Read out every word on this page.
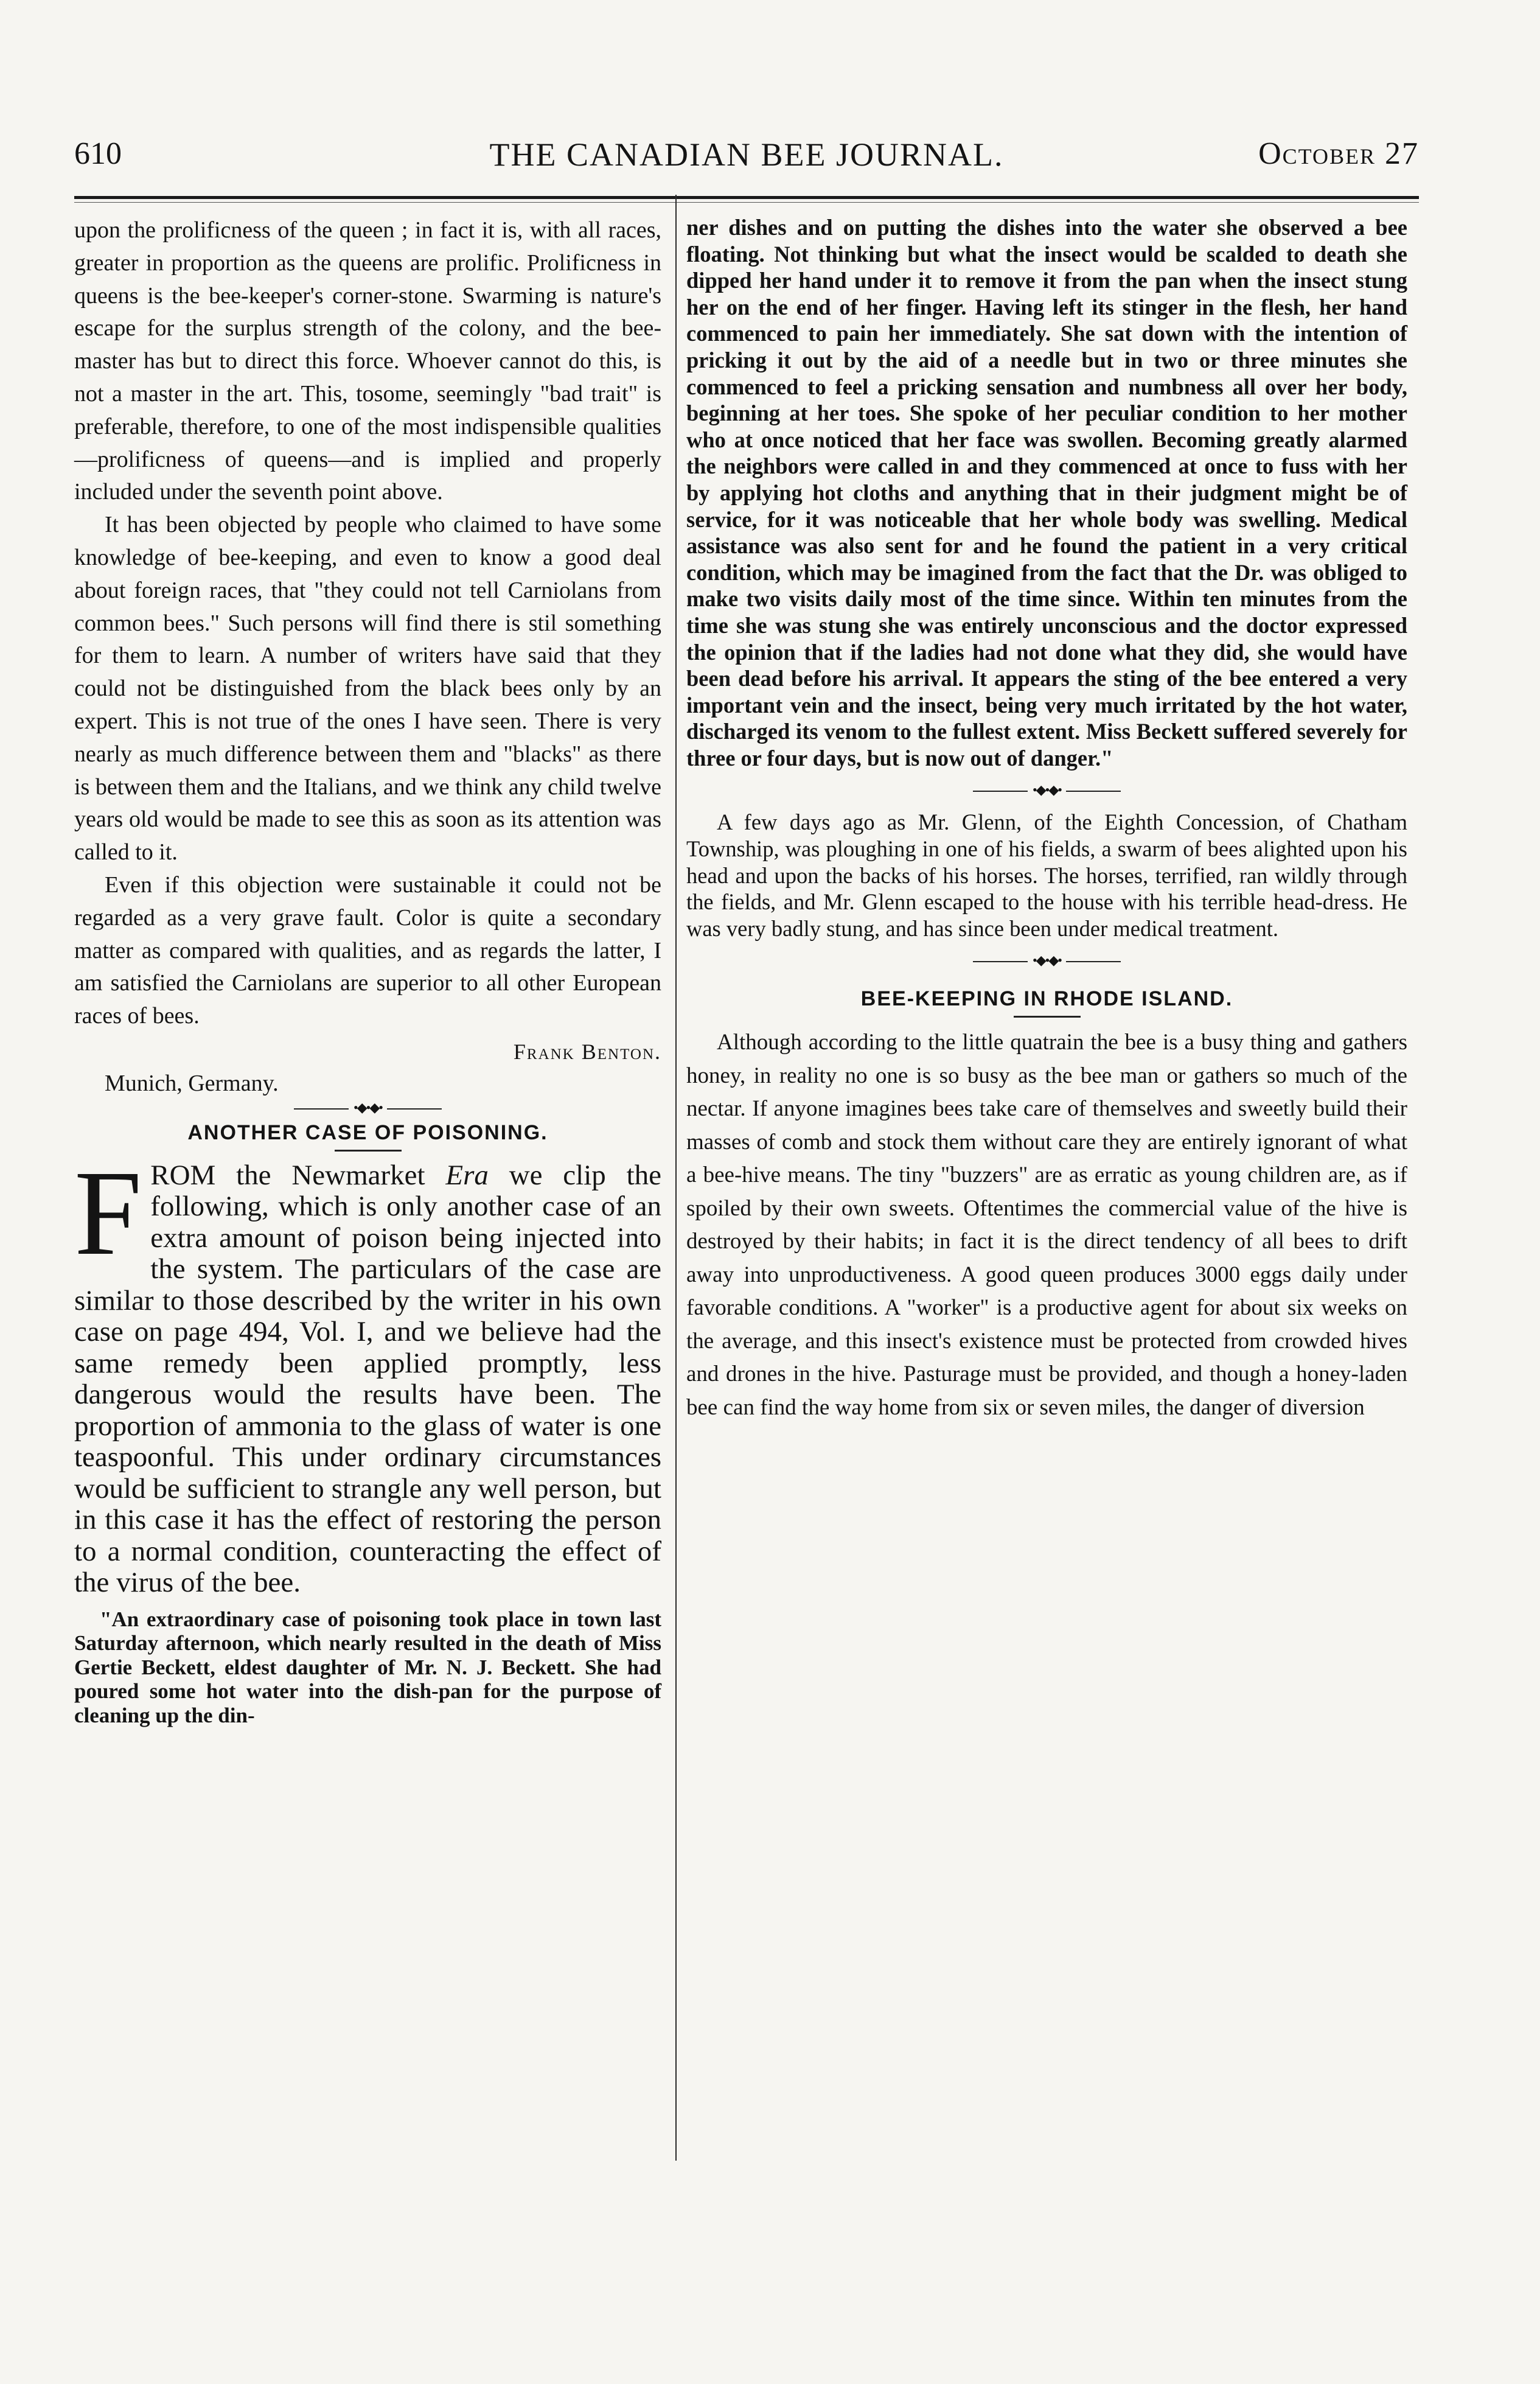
610	THE CANADIAN BEE JOURNAL.	October 27

upon the prolificness of the queen ; in fact it is, with all races, greater in proportion as the queens are prolific. Prolificness in queens is the bee-keeper's corner-stone. Swarming is nature's escape for the surplus strength of the colony, and the bee-master has but to direct this force. Whoever cannot do this, is not a master in the art. This, tosome, seemingly "bad trait" is preferable, therefore, to one of the most indispensible qualities—prolificness of queens—and is implied and properly included under the seventh point above.

It has been objected by people who claimed to have some knowledge of bee-keeping, and even to know a good deal about foreign races, that "they could not tell Carniolans from common bees." Such persons will find there is stil something for them to learn. A number of writers have said that they could not be distinguished from the black bees only by an expert. This is not true of the ones I have seen. There is very nearly as much difference between them and "blacks" as there is between them and the Italians, and we think any child twelve years old would be made to see this as soon as its attention was called to it.

Even if this objection were sustainable it could not be regarded as a very grave fault. Color is quite a secondary matter as compared with qualities, and as regards the latter, I am satisfied the Carniolans are superior to all other European races of bees.

Frank Benton.
Munich, Germany.
•◆•◆•
ANOTHER CASE OF POISONING.

FROM the Newmarket Era we clip the following, which is only another case of an extra amount of poison being injected into the system. The particulars of the case are similar to those described by the writer in his own case on page 494, Vol. I, and we believe had the same remedy been applied promptly, less dangerous would the results have been. The proportion of ammonia to the glass of water is one teaspoonful. This under ordinary circumstances would be sufficient to strangle any well person, but in this case it has the effect of restoring the person to a normal condition, counteracting the effect of the virus of the bee.

"An extraordinary case of poisoning took place in town last Saturday afternoon, which nearly resulted in the death of Miss Gertie Beckett, eldest daughter of Mr. N. J. Beckett. She had poured some hot water into the dish-pan for the purpose of cleaning up the din-

ner dishes and on putting the dishes into the water she observed a bee floating. Not thinking but what the insect would be scalded to death she dipped her hand under it to remove it from the pan when the insect stung her on the end of her finger. Having left its stinger in the flesh, her hand commenced to pain her immediately. She sat down with the intention of pricking it out by the aid of a needle but in two or three minutes she commenced to feel a pricking sensation and numbness all over her body, beginning at her toes. She spoke of her peculiar condition to her mother who at once noticed that her face was swollen. Becoming greatly alarmed the neighbors were called in and they commenced at once to fuss with her by applying hot cloths and anything that in their judgment might be of service, for it was noticeable that her whole body was swelling. Medical assistance was also sent for and he found the patient in a very critical condition, which may be imagined from the fact that the Dr. was obliged to make two visits daily most of the time since. Within ten minutes from the time she was stung she was entirely unconscious and the doctor expressed the opinion that if the ladies had not done what they did, she would have been dead before his arrival. It appears the sting of the bee entered a very important vein and the insect, being very much irritated by the hot water, discharged its venom to the fullest extent. Miss Beckett suffered severely for three or four days, but is now out of danger."

•◆•◆•

A few days ago as Mr. Glenn, of the Eighth Concession, of Chatham Township, was ploughing in one of his fields, a swarm of bees alighted upon his head and upon the backs of his horses. The horses, terrified, ran wildly through the fields, and Mr. Glenn escaped to the house with his terrible head-dress. He was very badly stung, and has since been under medical treatment.

•◆•◆•
BEE-KEEPING IN RHODE ISLAND.

Although according to the little quatrain the bee is a busy thing and gathers honey, in reality no one is so busy as the bee man or gathers so much of the nectar. If anyone imagines bees take care of themselves and sweetly build their masses of comb and stock them without care they are entirely ignorant of what a bee-hive means. The tiny "buzzers" are as erratic as young children are, as if spoiled by their own sweets. Oftentimes the commercial value of the hive is destroyed by their habits; in fact it is the direct tendency of all bees to drift away into unproductiveness. A good queen produces 3000 eggs daily under favorable conditions. A "worker" is a productive agent for about six weeks on the average, and this insect's existence must be protected from crowded hives and drones in the hive. Pasturage must be provided, and though a honey-laden bee can find the way home from six or seven miles, the danger of diversion
